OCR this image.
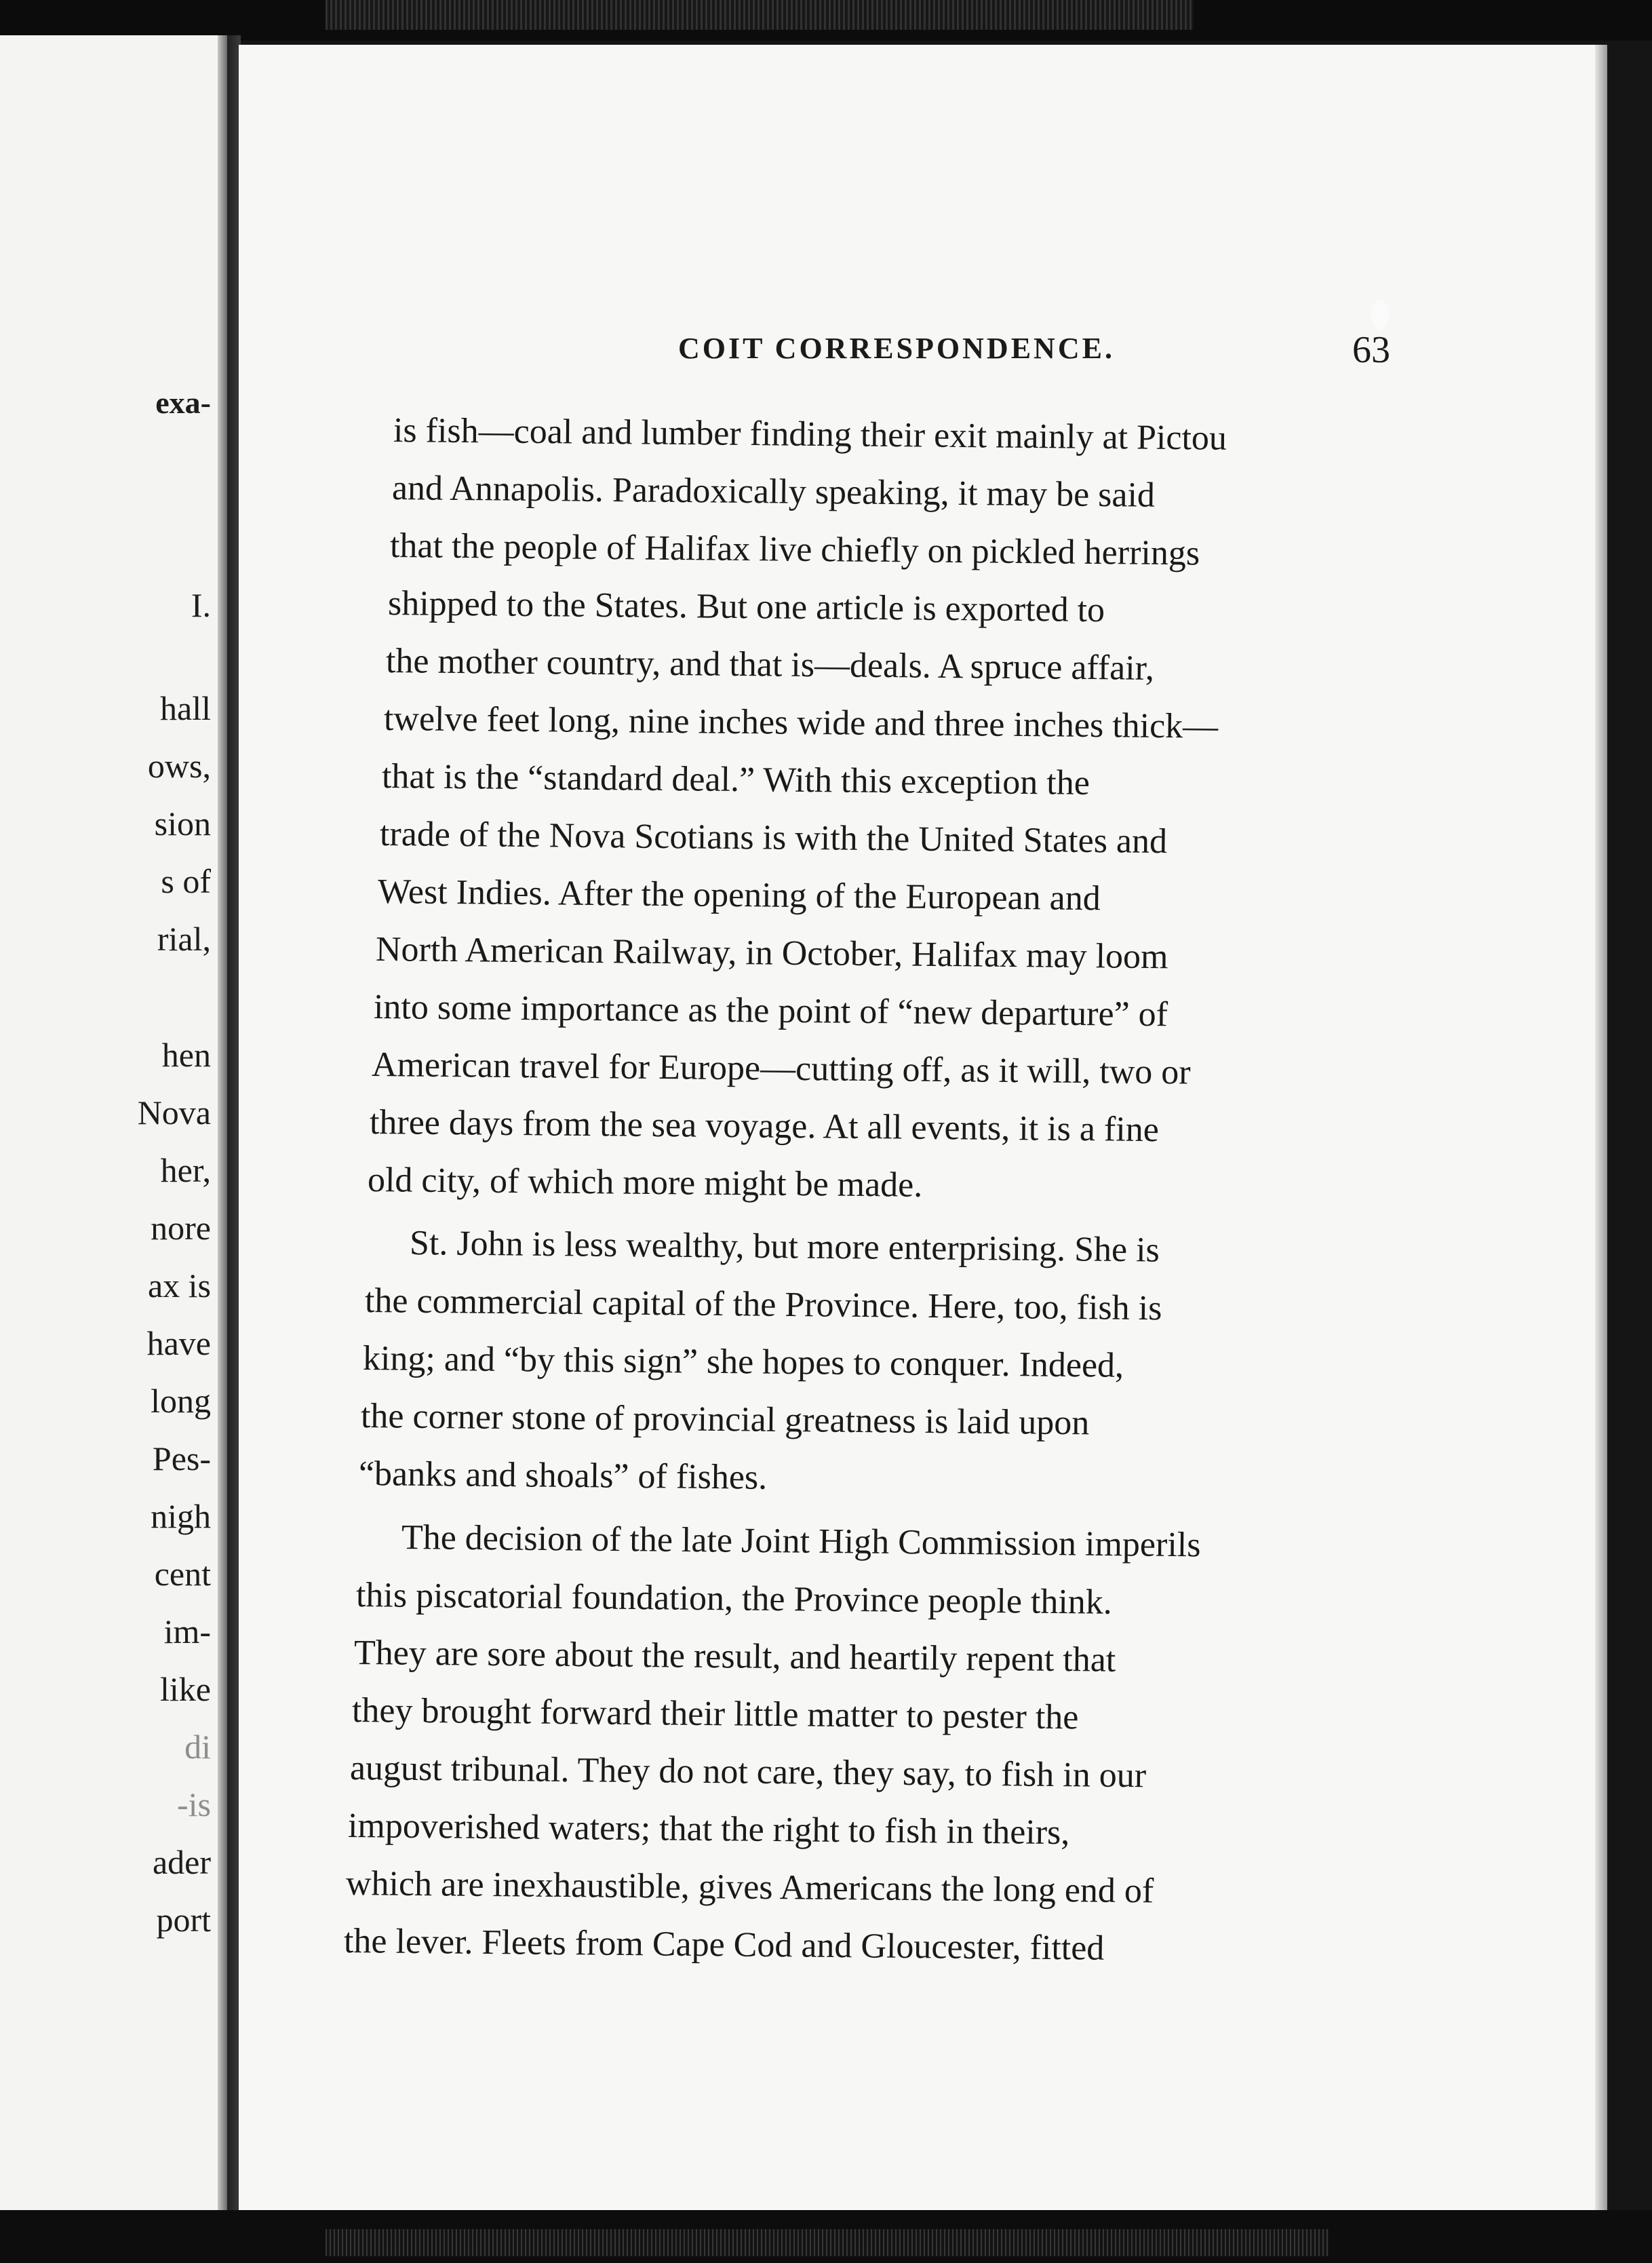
exa-
I.
hall
ows,
sion
s of
rial,
hen
Nova
her,
nore
ax is
have
long
Pes-
nigh
cent
im-
like
di
-is
ader
port
COIT CORRESPONDENCE.	63
is fish—coal and lumber finding their exit mainly at Pictou
and Annapolis. Paradoxically speaking, it may be said
that the people of Halifax live chiefly on pickled herrings
shipped to the States. But one article is exported to
the mother country, and that is—deals. A spruce affair,
twelve feet long, nine inches wide and three inches thick—
that is the “standard deal.” With this exception the
trade of the Nova Scotians is with the United States and
West Indies. After the opening of the European and
North American Railway, in October, Halifax may loom
into some importance as the point of “new departure” of
American travel for Europe—cutting off, as it will, two or
three days from the sea voyage. At all events, it is a fine
old city, of which more might be made.
St. John is less wealthy, but more enterprising. She is
the commercial capital of the Province. Here, too, fish is
king; and “by this sign” she hopes to conquer. Indeed,
the corner stone of provincial greatness is laid upon
“banks and shoals” of fishes.
The decision of the late Joint High Commission imperils
this piscatorial foundation, the Province people think.
They are sore about the result, and heartily repent that
they brought forward their little matter to pester the
august tribunal. They do not care, they say, to fish in our
impoverished waters; that the right to fish in theirs,
which are inexhaustible, gives Americans the long end of
the lever. Fleets from Cape Cod and Gloucester, fitted
